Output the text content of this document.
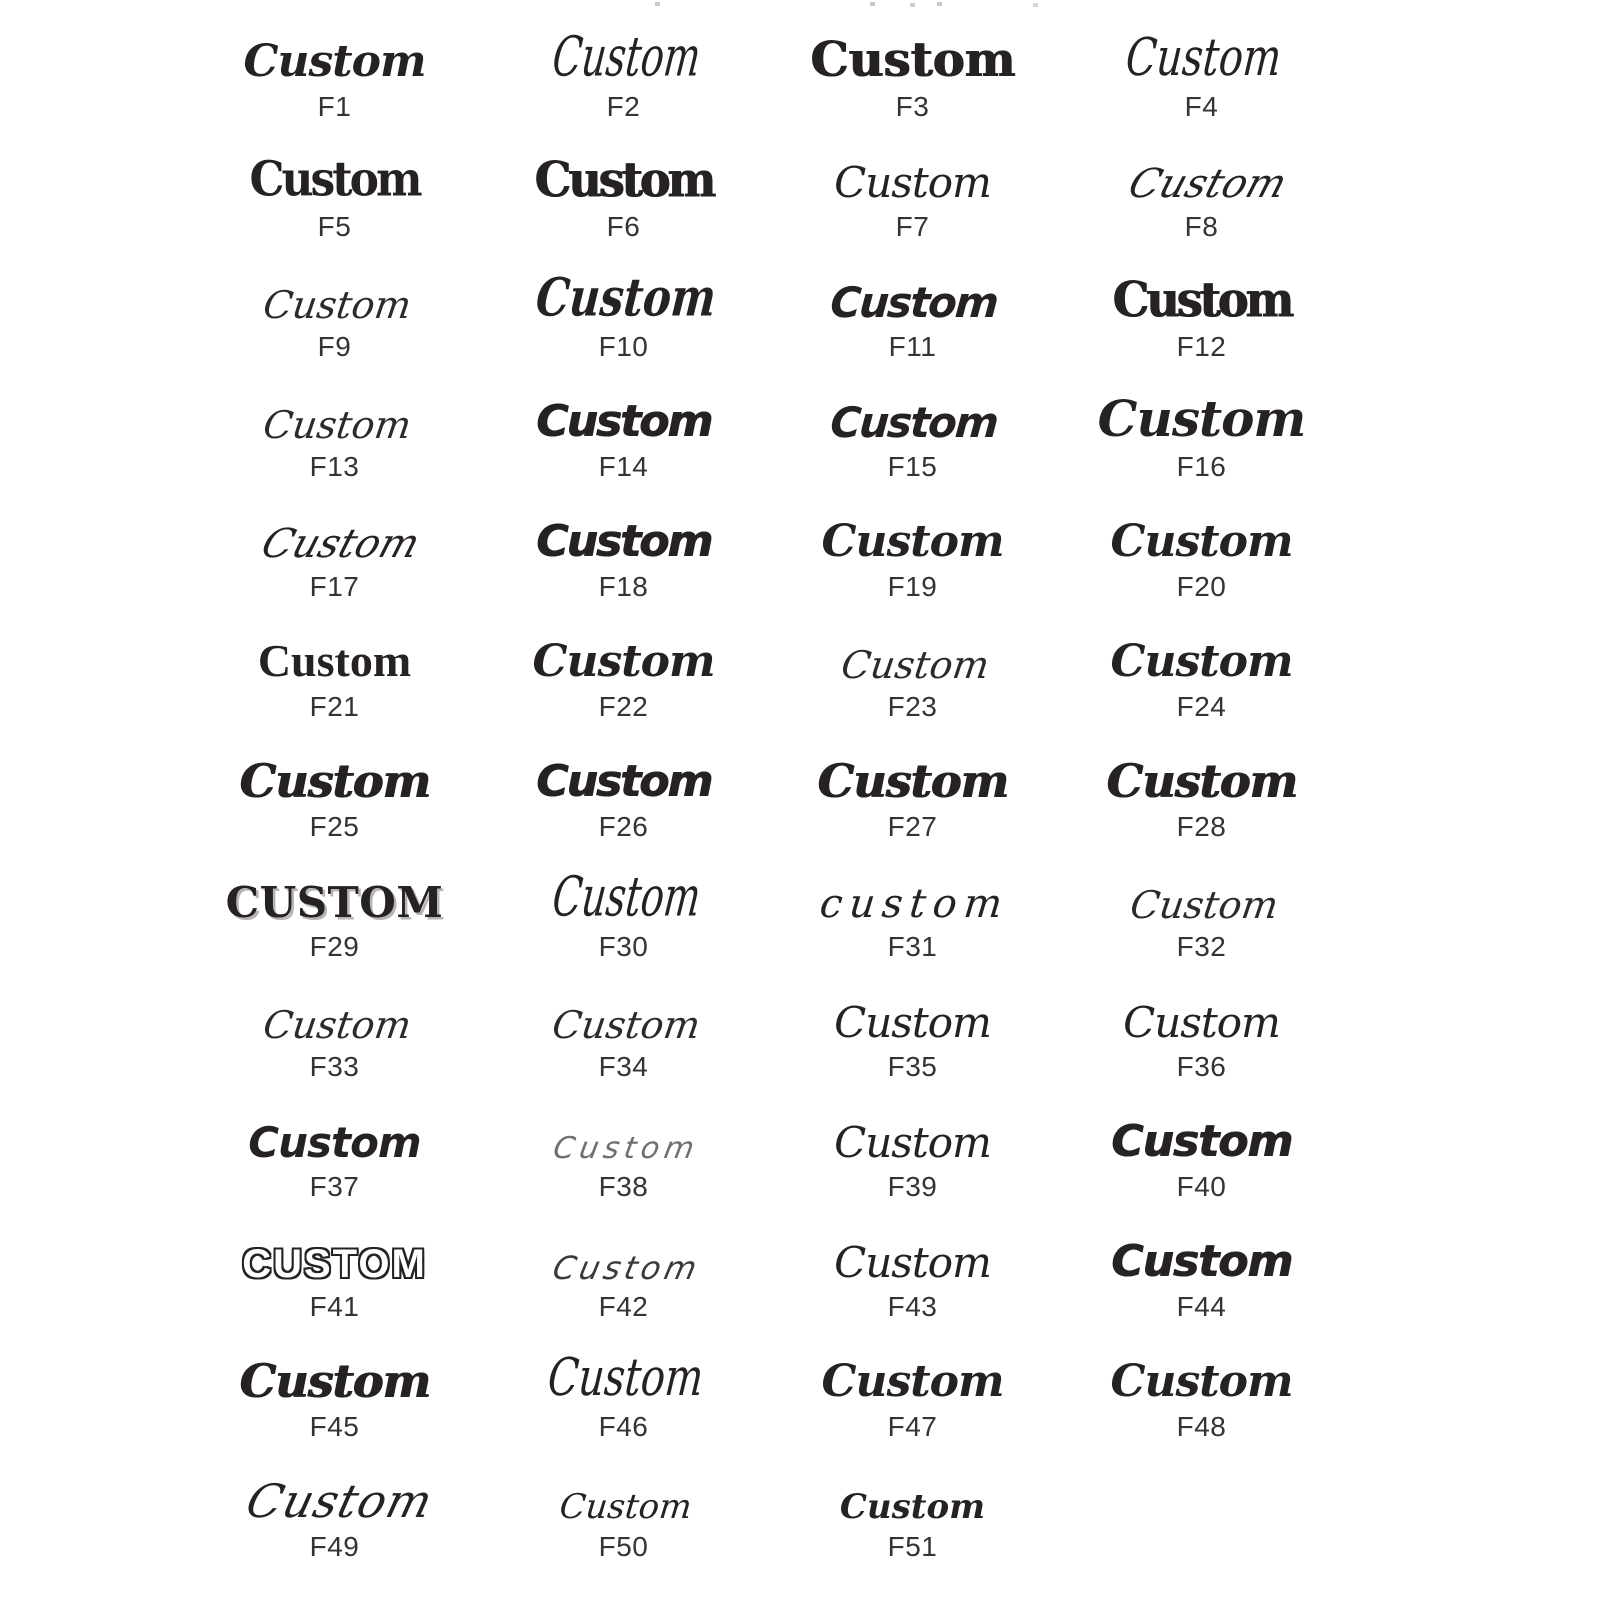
Custom
F1
Custom
F2
Custom
F3
Custom
F4
Custom
F5
Custom
F6
Custom
F7
Custom
F8
Custom
F9
Custom
F10
Custom
F11
Custom
F12
Custom
F13
Custom
F14
Custom
F15
Custom
F16
Custom
F17
Custom
F18
Custom
F19
Custom
F20
Custom
F21
Custom
F22
Custom
F23
Custom
F24
Custom
F25
Custom
F26
Custom
F27
Custom
F28
CUSTOM
F29
Custom
F30
custom
F31
Custom
F32
Custom
F33
Custom
F34
Custom
F35
Custom
F36
Custom
F37
Custom
F38
Custom
F39
Custom
F40
CUSTOM
F41
Custom
F42
Custom
F43
Custom
F44
Custom
F45
Custom
F46
Custom
F47
Custom
F48
Custom
F49
Custom
F50
Custom
F51
